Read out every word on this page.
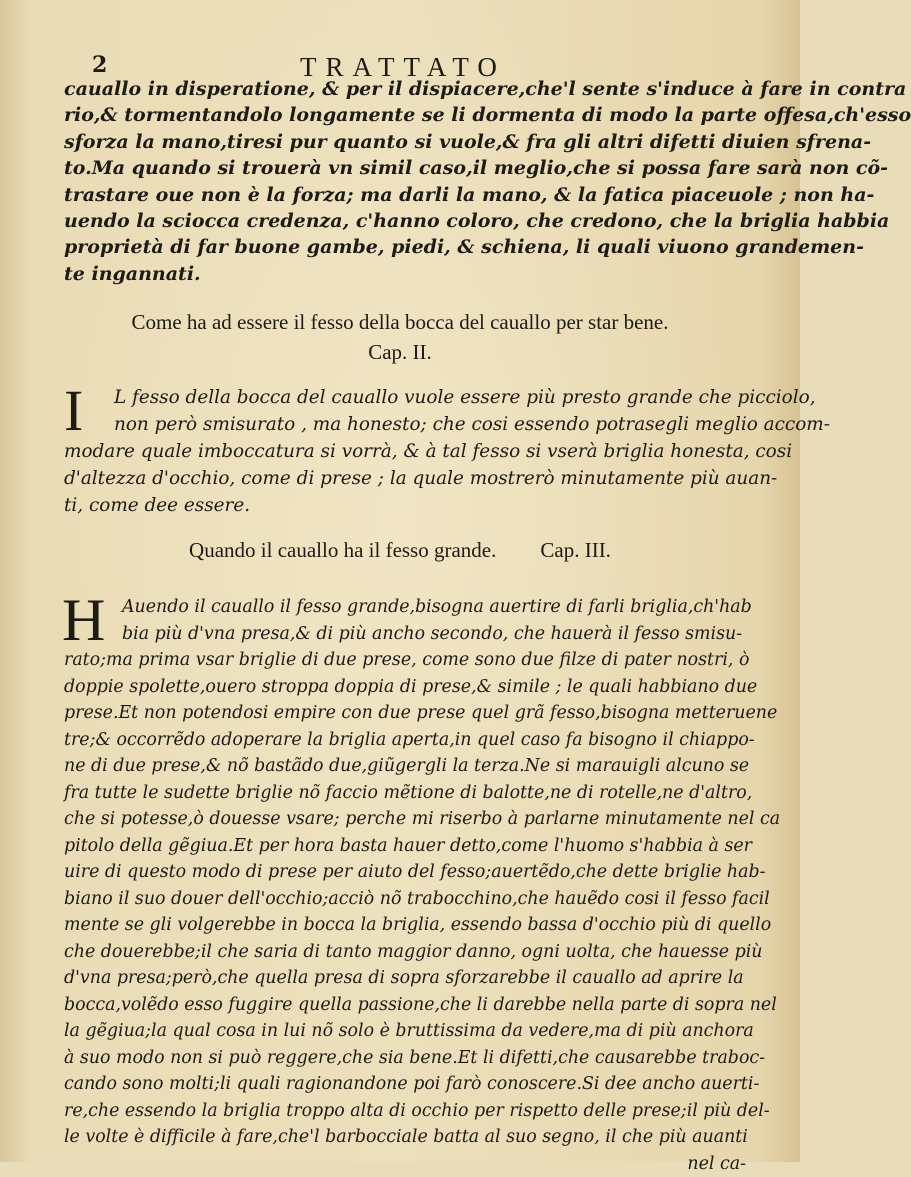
2	TRATTATO
cauallo in disperatione, & per il dispiacere,che'l sente s'induce à fare in contra
rio,& tormentandolo longamente se li dormenta di modo la parte offesa,ch'esso
sforza la mano,tiresi pur quanto si vuole,& fra gli altri difetti diuien sfrena-
to.Ma quando si trouerà vn simil caso,il meglio,che si possa fare sarà non cõ-
trastare oue non è la forza; ma darli la mano, & la fatica piaceuole ; non ha-
uendo la sciocca credenza, c'hanno coloro, che credono, che la briglia habbia
proprietà di far buone gambe, piedi, & schiena, li quali viuono grandemen-
te ingannati.
Come ha ad essere il fesso della bocca del cauallo per star bene.
Cap. II.
I	L fesso della bocca del cauallo vuole essere più presto grande che picciolo,
non però smisurato , ma honesto; che cosi essendo potrasegli meglio accom-
modare quale imboccatura si vorrà, & à tal fesso si vserà briglia honesta, cosi
d'altezza d'occhio, come di prese ; la quale mostrerò minutamente più auan-
ti, come dee essere.
Quando il cauallo ha il fesso grande. Cap. III.
H Auendo il cauallo il fesso grande,bisogna auertire di farli briglia,ch'hab
bia più d'vna presa,& di più ancho secondo, che hauerà il fesso smisu-
rato;ma prima vsar briglie di due prese, come sono due filze di pater nostri, ò
doppie spolette,ouero stroppa doppia di prese,& simile ; le quali habbiano due
prese.Et non potendosi empire con due prese quel grã fesso,bisogna metteruene
tre;& occorrẽdo adoperare la briglia aperta,in quel caso fa bisogno il chiappo-
ne di due prese,& nõ bastãdo due,giũgergli la terza.Ne si marauigli alcuno se
fra tutte le sudette briglie nõ faccio mẽtione di balotte,ne di rotelle,ne d'altro,
che si potesse,ò douesse vsare; perche mi riserbo à parlarne minutamente nel ca
pitolo della gẽgiua.Et per hora basta hauer detto,come l'huomo s'habbia à ser
uire di questo modo di prese per aiuto del fesso;auertẽdo,che dette briglie hab-
biano il suo douer dell'occhio;acciò nõ trabocchino,che hauẽdo cosi il fesso facil
mente se gli volgerebbe in bocca la briglia, essendo bassa d'occhio più di quello
che douerebbe;il che saria di tanto maggior danno, ogni uolta, che hauesse più
d'vna presa;però,che quella presa di sopra sforzarebbe il cauallo ad aprire la
bocca,volẽdo esso fuggire quella passione,che li darebbe nella parte di sopra nel
la gẽgiua;la qual cosa in lui nõ solo è bruttissima da vedere,ma di più anchora
à suo modo non si può reggere,che sia bene.Et li difetti,che causarebbe traboc-
cando sono molti;li quali ragionandone poi farò conoscere.Si dee ancho auerti-
re,che essendo la briglia troppo alta di occhio per rispetto delle prese;il più del-
le volte è difficile à fare,che'l barbocciale batta al suo segno, il che più auanti
nel ca-
